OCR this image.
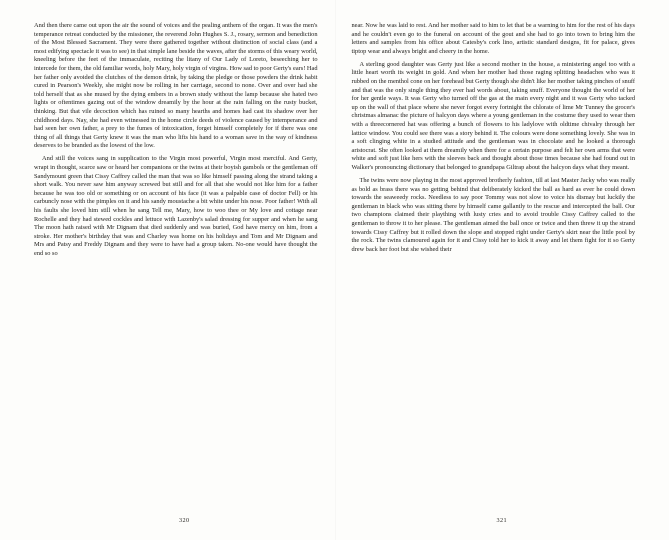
And then there came out upon the air the sound of voices and the pealing anthem of the organ. It was the men's temperance retreat conducted by the missioner, the reverend John Hughes S. J., rosary, sermon and benediction of the Most Blessed Sacrament. They were there gathered together without distinction of social class (and a most edifying spectacle it was to see) in that simple lane beside the waves, after the storms of this weary world, kneeling before the feet of the immaculate, reciting the litany of Our Lady of Loreto, beseeching her to intercede for them, the old familiar words, holy Mary, holy virgin of virgins. How sad to poor Gerty's ears! Had her father only avoided the clutches of the demon drink, by taking the pledge or those powders the drink habit cured in Pearson's Weekly, she might now be rolling in her carriage, second to none. Over and over had she told herself that as she mused by the dying embers in a brown study without the lamp because she hated two lights or oftentimes gazing out of the window dreamily by the hour at the rain falling on the rusty bucket, thinking. But that vile decoction which has ruined so many hearths and homes had cast its shadow over her childhood days. Nay, she had even witnessed in the home circle deeds of violence caused by intemperance and had seen her own father, a prey to the fumes of intoxication, forget himself completely for if there was one thing of all things that Gerty knew it was the man who lifts his hand to a woman save in the way of kindness deserves to be branded as the lowest of the low.

And still the voices sang in supplication to the Virgin most powerful, Virgin most merciful. And Gerty, wrapt in thought, scarce saw or heard her companions or the twins at their boyish gambols or the gentleman off Sandymount green that Cissy Caffrey called the man that was so like himself passing along the strand taking a short walk. You never saw him anyway screwed but still and for all that she would not like him for a father because he was too old or something or on account of his face (it was a palpable case of doctor Fell) or his carbuncly nose with the pimples on it and his sandy moustache a bit white under his nose. Poor father! With all his faults she loved him still when he sang Tell me, Mary, how to woo thee or My love and cottage near Rochelle and they had stewed cockles and lettuce with Lazenby's salad dressing for supper and when he sang The moon hath raised with Mr Dignam that died suddenly and was buried, God have mercy on him, from a stroke. Her mother's birthday that was and Charley was home on his holidays and Tom and Mr Dignam and Mrs and Patsy and Freddy Dignam and they were to have had a group taken. No-one would have thought the end so so

320

near. Now he was laid to rest. And her mother said to him to let that be a warning to him for the rest of his days and he couldn't even go to the funeral on account of the gout and she had to go into town to bring him the letters and samples from his office about Catesby's cork lino, artistic standard designs, fit for palace, gives tiptop wear and always bright and cheery in the home.

A sterling good daughter was Gerty just like a second mother in the house, a ministering angel too with a little heart worth its weight in gold. And when her mother had those raging splitting headaches who was it rubbed on the menthol cone on her forehead but Gerty though she didn't like her mother taking pinches of snuff and that was the only single thing they ever had words about, taking snuff. Everyone thought the world of her for her gentle ways. It was Gerty who turned off the gas at the main every night and it was Gerty who tacked up on the wall of that place where she never forgot every fortnight the chlorate of lime Mr Tunney the grocer's christmas almanac the picture of halcyon days where a young gentleman in the costume they used to wear then with a threecornered hat was offering a bunch of flowers to his ladylove with oldtime chivalry through her lattice window. You could see there was a story behind it. The colours were done something lovely. She was in a soft clinging white in a studied attitude and the gentleman was in chocolate and he looked a thorough aristocrat. She often looked at them dreamily when there for a certain purpose and felt her own arms that were white and soft just like hers with the sleeves back and thought about those times because she had found out in Walker's pronouncing dictionary that belonged to grandpapa Giltrap about the halcyon days what they meant.

The twins were now playing in the most approved brotherly fashion, till at last Master Jacky who was really as bold as brass there was no getting behind that deliberately kicked the ball as hard as ever he could down towards the seaweedy rocks. Needless to say poor Tommy was not slow to voice his dismay but luckily the gentleman in black who was sitting there by himself came gallantly to the rescue and intercepted the ball. Our two champions claimed their plaything with lusty cries and to avoid trouble Cissy Caffrey called to the gentleman to throw it to her please. The gentleman aimed the ball once or twice and then threw it up the strand towards Cissy Caffrey but it rolled down the slope and stopped right under Gerty's skirt near the little pool by the rock. The twins clamoured again for it and Cissy told her to kick it away and let them fight for it so Gerty drew back her foot but she wished their

321
